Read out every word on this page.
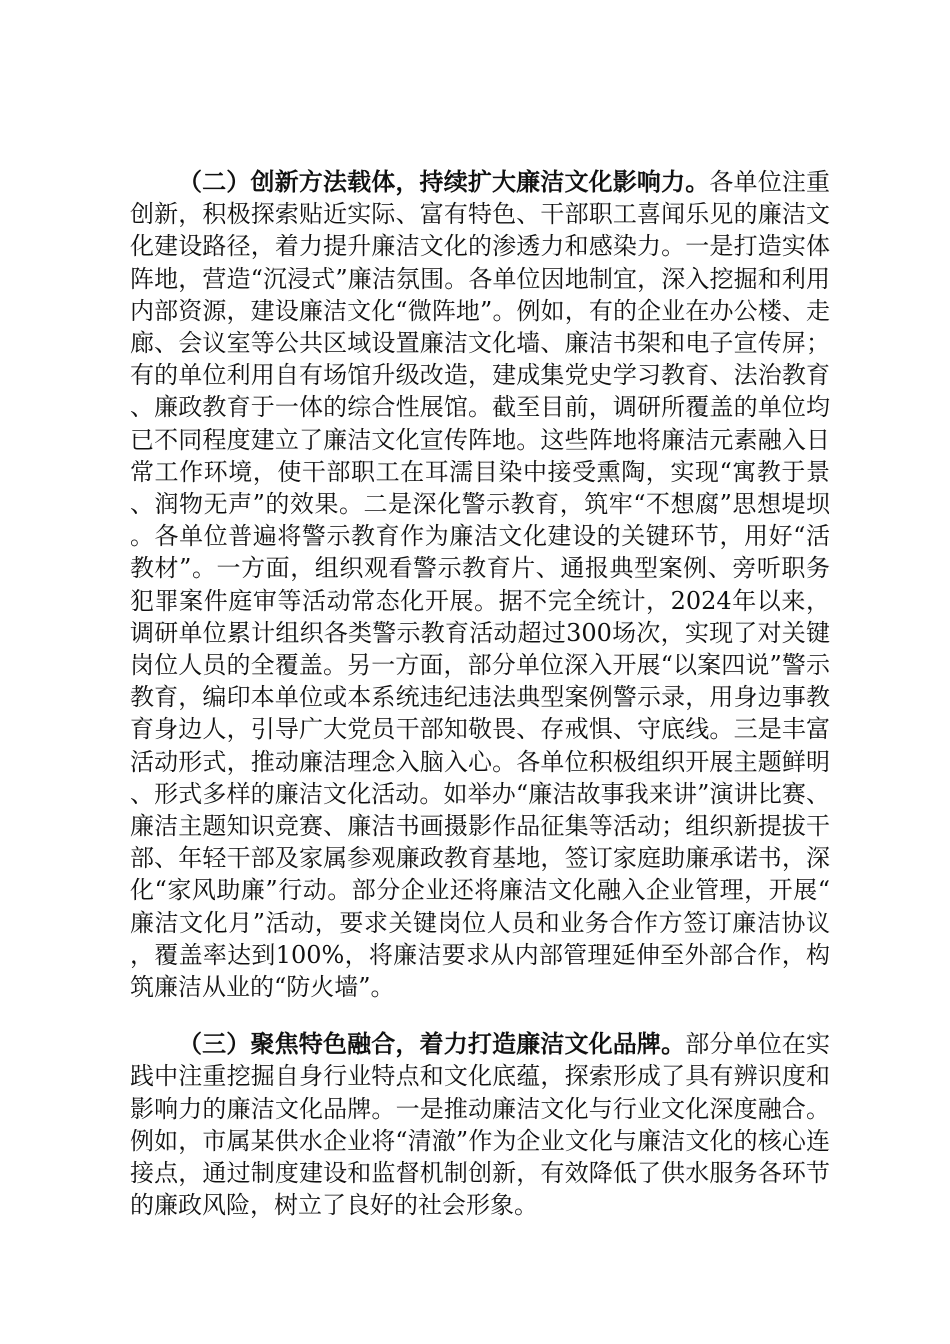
（二）创新方法载体，持续扩大廉洁文化影响力。各单位注重创新，积极探索贴近实际、富有特色、干部职工喜闻乐见的廉洁文化建设路径，着力提升廉洁文化的渗透力和感染力。一是打造实体阵地，营造“沉浸式”廉洁氛围。各单位因地制宜，深入挖掘和利用内部资源，建设廉洁文化“微阵地”。例如，有的企业在办公楼、走廊、会议室等公共区域设置廉洁文化墙、廉洁书架和电子宣传屏；有的单位利用自有场馆升级改造，建成集党史学习教育、法治教育、廉政教育于一体的综合性展馆。截至目前，调研所覆盖的单位均已不同程度建立了廉洁文化宣传阵地。这些阵地将廉洁元素融入日常工作环境，使干部职工在耳濡目染中接受熏陶，实现“寓教于景、润物无声”的效果。二是深化警示教育，筑牢“不想腐”思想堤坝。各单位普遍将警示教育作为廉洁文化建设的关键环节，用好“活教材”。一方面，组织观看警示教育片、通报典型案例、旁听职务犯罪案件庭审等活动常态化开展。据不完全统计，2024年以来，调研单位累计组织各类警示教育活动超过300场次，实现了对关键岗位人员的全覆盖。另一方面，部分单位深入开展“以案四说”警示教育，编印本单位或本系统违纪违法典型案例警示录，用身边事教育身边人，引导广大党员干部知敬畏、存戒惧、守底线。三是丰富活动形式，推动廉洁理念入脑入心。各单位积极组织开展主题鲜明、形式多样的廉洁文化活动。如举办“廉洁故事我来讲”演讲比赛、廉洁主题知识竞赛、廉洁书画摄影作品征集等活动；组织新提拔干部、年轻干部及家属参观廉政教育基地，签订家庭助廉承诺书，深化“家风助廉”行动。部分企业还将廉洁文化融入企业管理，开展“廉洁文化月”活动，要求关键岗位人员和业务合作方签订廉洁协议，覆盖率达到100%，将廉洁要求从内部管理延伸至外部合作，构筑廉洁从业的“防火墙”。

（三）聚焦特色融合，着力打造廉洁文化品牌。部分单位在实践中注重挖掘自身行业特点和文化底蕴，探索形成了具有辨识度和影响力的廉洁文化品牌。一是推动廉洁文化与行业文化深度融合。例如，市属某供水企业将“清澈”作为企业文化与廉洁文化的核心连接点，通过制度建设和监督机制创新，有效降低了供水服务各环节的廉政风险，树立了良好的社会形象。
